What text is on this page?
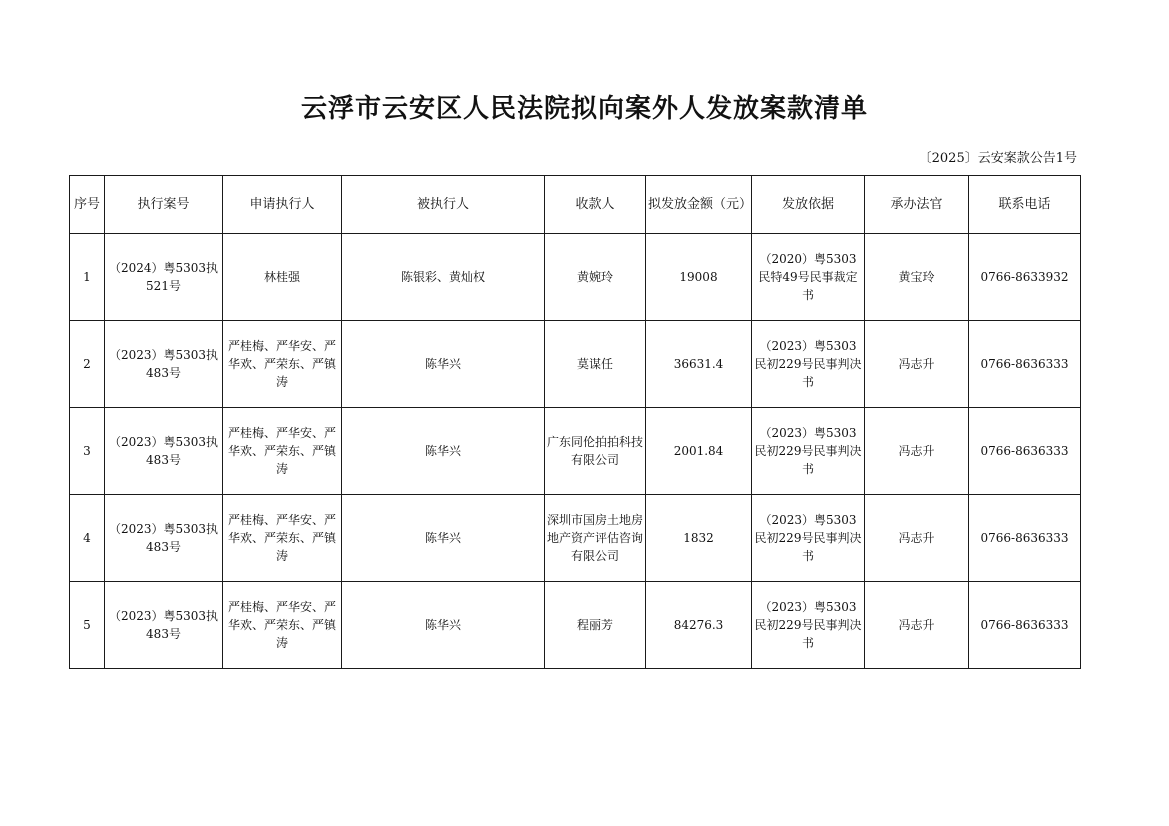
云浮市云安区人民法院拟向案外人发放案款清单
〔2025〕云安案款公告1号
序号	执行案号	申请执行人	被执行人	收款人	拟发放金额（元）	发放依据	承办法官	联系电话
1	（2024）粤5303执521号	林桂强	陈银彩、黄灿权	黄婉玲	19008	（2020）粤5303民特49号民事裁定书	黄宝玲	0766-8633932
2	（2023）粤5303执483号	严桂梅、严华安、严华欢、严荣东、严镇涛	陈华兴	莫谋任	36631.4	（2023）粤5303民初229号民事判决书	冯志升	0766-8636333
3	（2023）粤5303执483号	严桂梅、严华安、严华欢、严荣东、严镇涛	陈华兴	广东同伦拍拍科技有限公司	2001.84	（2023）粤5303民初229号民事判决书	冯志升	0766-8636333
4	（2023）粤5303执483号	严桂梅、严华安、严华欢、严荣东、严镇涛	陈华兴	深圳市国房土地房地产资产评估咨询有限公司	1832	（2023）粤5303民初229号民事判决书	冯志升	0766-8636333
5	（2023）粤5303执483号	严桂梅、严华安、严华欢、严荣东、严镇涛	陈华兴	程丽芳	84276.3	（2023）粤5303民初229号民事判决书	冯志升	0766-8636333
